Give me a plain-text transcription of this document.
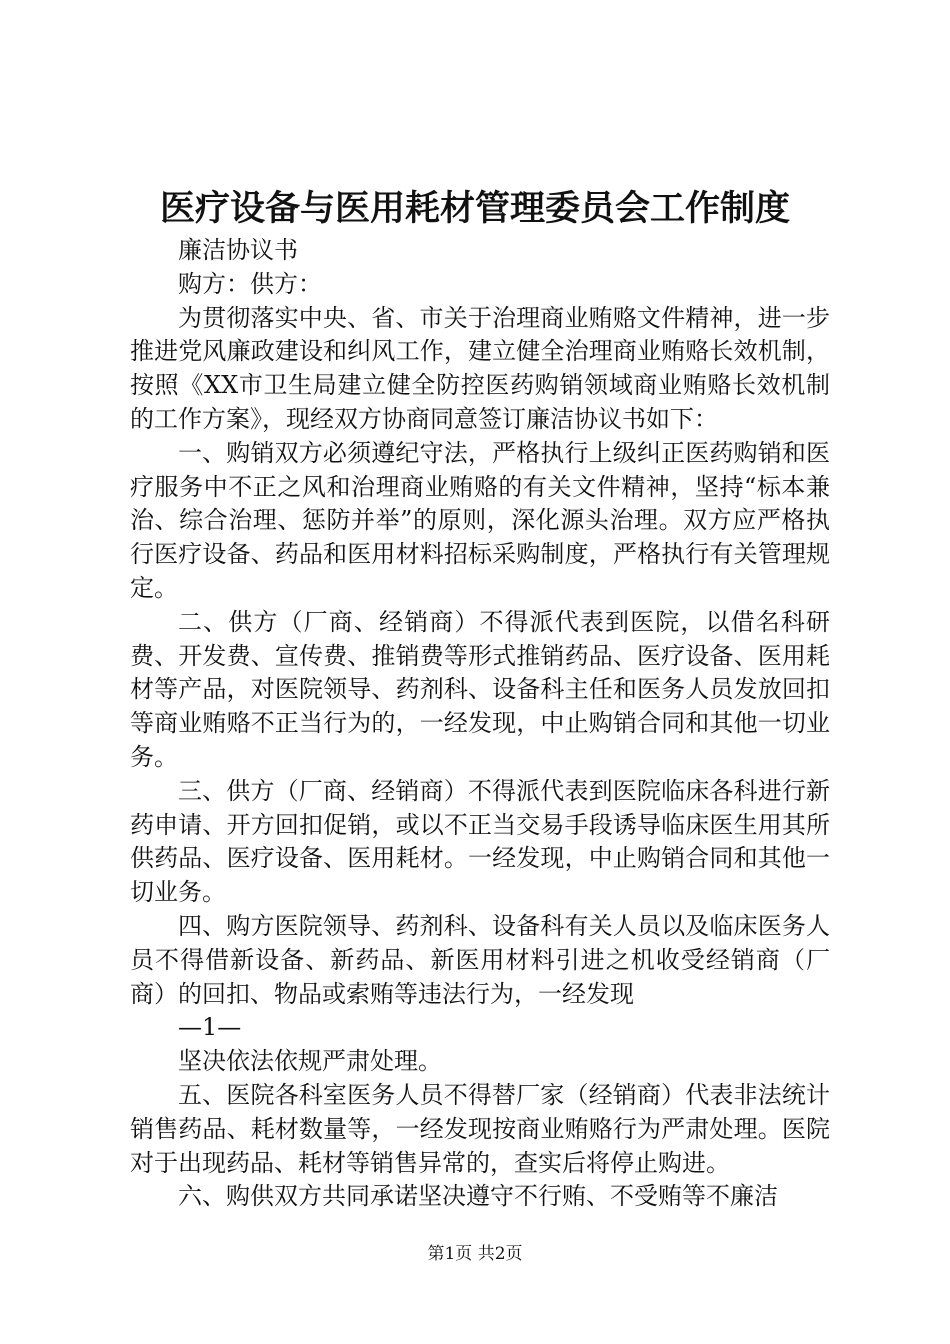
医疗设备与医用耗材管理委员会工作制度

廉洁协议书

购方：供方：

为贯彻落实中央、省、市关于治理商业贿赂文件精神，进一步推进党风廉政建设和纠风工作，建立健全治理商业贿赂长效机制，按照《XX市卫生局建立健全防控医药购销领域商业贿赂长效机制的工作方案》，现经双方协商同意签订廉洁协议书如下：

一、购销双方必须遵纪守法，严格执行上级纠正医药购销和医疗服务中不正之风和治理商业贿赂的有关文件精神，坚持“标本兼治、综合治理、惩防并举”的原则，深化源头治理。双方应严格执行医疗设备、药品和医用材料招标采购制度，严格执行有关管理规定。

二、供方（厂商、经销商）不得派代表到医院，以借名科研费、开发费、宣传费、推销费等形式推销药品、医疗设备、医用耗材等产品，对医院领导、药剂科、设备科主任和医务人员发放回扣等商业贿赂不正当行为的，一经发现，中止购销合同和其他一切业务。

三、供方（厂商、经销商）不得派代表到医院临床各科进行新药申请、开方回扣促销，或以不正当交易手段诱导临床医生用其所供药品、医疗设备、医用耗材。一经发现，中止购销合同和其他一切业务。

四、购方医院领导、药剂科、设备科有关人员以及临床医务人员不得借新设备、新药品、新医用材料引进之机收受经销商（厂商）的回扣、物品或索贿等违法行为，一经发现

—1—

坚决依法依规严肃处理。

五、医院各科室医务人员不得替厂家（经销商）代表非法统计销售药品、耗材数量等，一经发现按商业贿赂行为严肃处理。医院对于出现药品、耗材等销售异常的，查实后将停止购进。

六、购供双方共同承诺坚决遵守不行贿、不受贿等不廉洁

第1页 共2页
